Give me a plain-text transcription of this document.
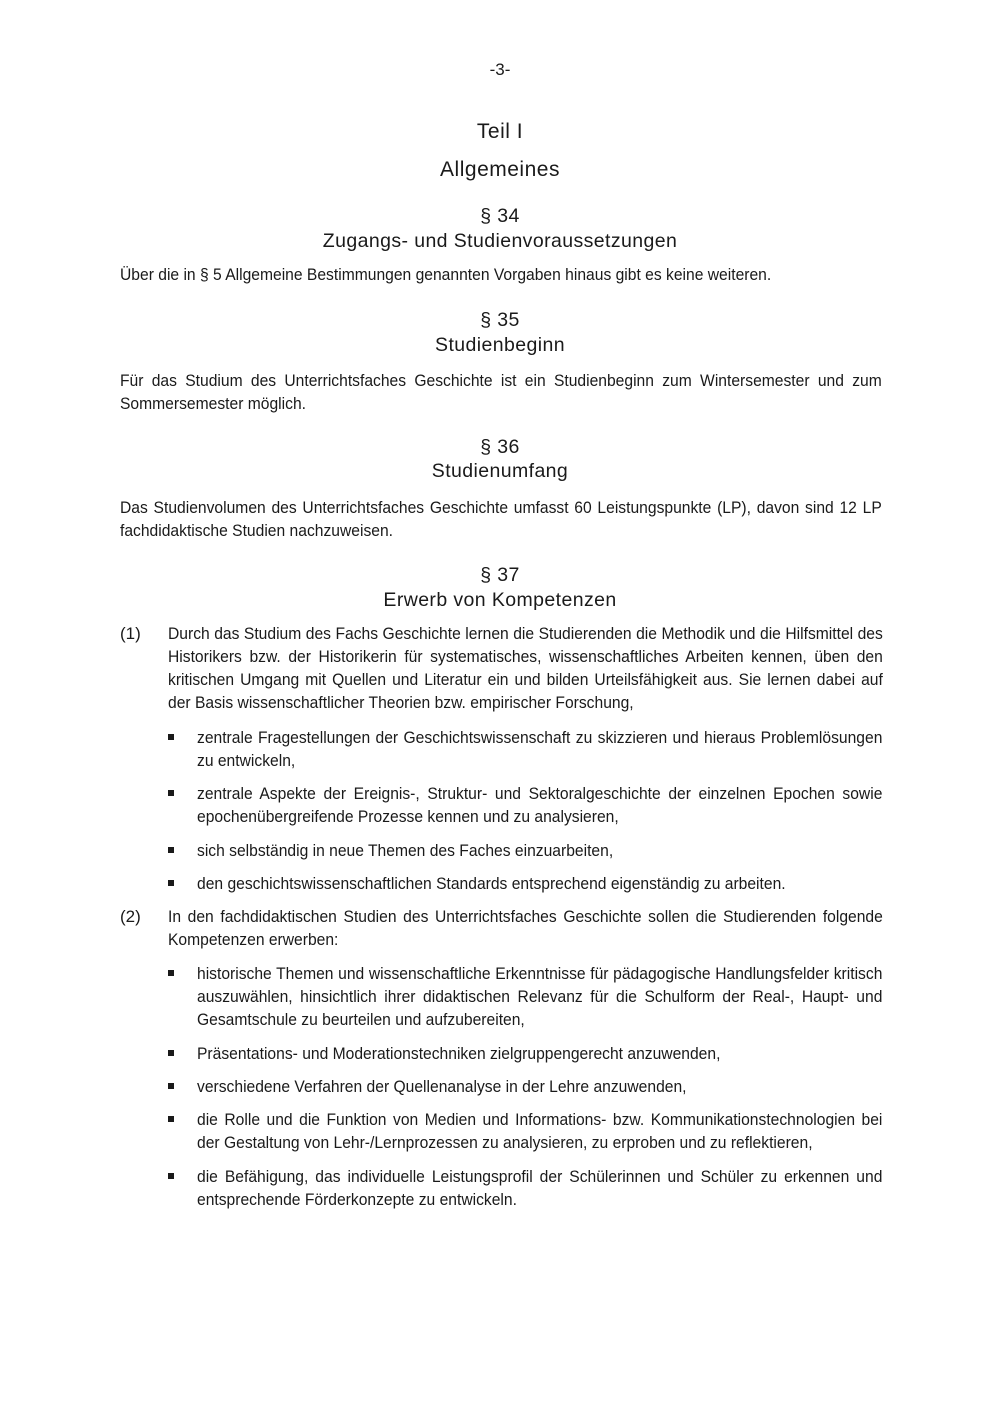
-3-
Teil I
Allgemeines
§ 34
Zugangs- und Studienvoraussetzungen
Über die in § 5 Allgemeine Bestimmungen genannten Vorgaben hinaus gibt es keine weiteren.
§ 35
Studienbeginn
Für das Studium des Unterrichtsfaches Geschichte ist ein Studienbeginn zum Wintersemester und zum Sommersemester möglich.
§ 36
Studienumfang
Das Studienvolumen des Unterrichtsfaches Geschichte umfasst 60 Leistungspunkte (LP), davon sind 12 LP fachdidaktische Studien nachzuweisen.
§ 37
Erwerb von Kompetenzen
(1) Durch das Studium des Fachs Geschichte lernen die Studierenden die Methodik und die Hilfsmittel des Historikers bzw. der Historikerin für systematisches, wissenschaftliches Arbeiten kennen, üben den kritischen Umgang mit Quellen und Literatur ein und bilden Urteilsfähigkeit aus. Sie lernen dabei auf der Basis wissenschaftlicher Theorien bzw. empirischer Forschung,
zentrale Fragestellungen der Geschichtswissenschaft zu skizzieren und hieraus Problemlösungen zu entwickeln,
zentrale Aspekte der Ereignis-, Struktur- und Sektoralgeschichte der einzelnen Epochen sowie epochenübergreifende Prozesse kennen und zu analysieren,
sich selbständig in neue Themen des Faches einzuarbeiten,
den geschichtswissenschaftlichen Standards entsprechend eigenständig zu arbeiten.
(2) In den fachdidaktischen Studien des Unterrichtsfaches Geschichte sollen die Studierenden folgende Kompetenzen erwerben:
historische Themen und wissenschaftliche Erkenntnisse für pädagogische Handlungsfelder kritisch auszuwählen, hinsichtlich ihrer didaktischen Relevanz für die Schulform der Real-, Haupt- und Gesamtschule zu beurteilen und aufzubereiten,
Präsentations- und Moderationstechniken zielgruppengerecht anzuwenden,
verschiedene Verfahren der Quellenanalyse in der Lehre anzuwenden,
die Rolle und die Funktion von Medien und Informations- bzw. Kommunikationstechnologien bei der Gestaltung von Lehr-/Lernprozessen zu analysieren, zu erproben und zu reflektieren,
die Befähigung, das individuelle Leistungsprofil der Schülerinnen und Schüler zu erkennen und entsprechende Förderkonzepte zu entwickeln.
